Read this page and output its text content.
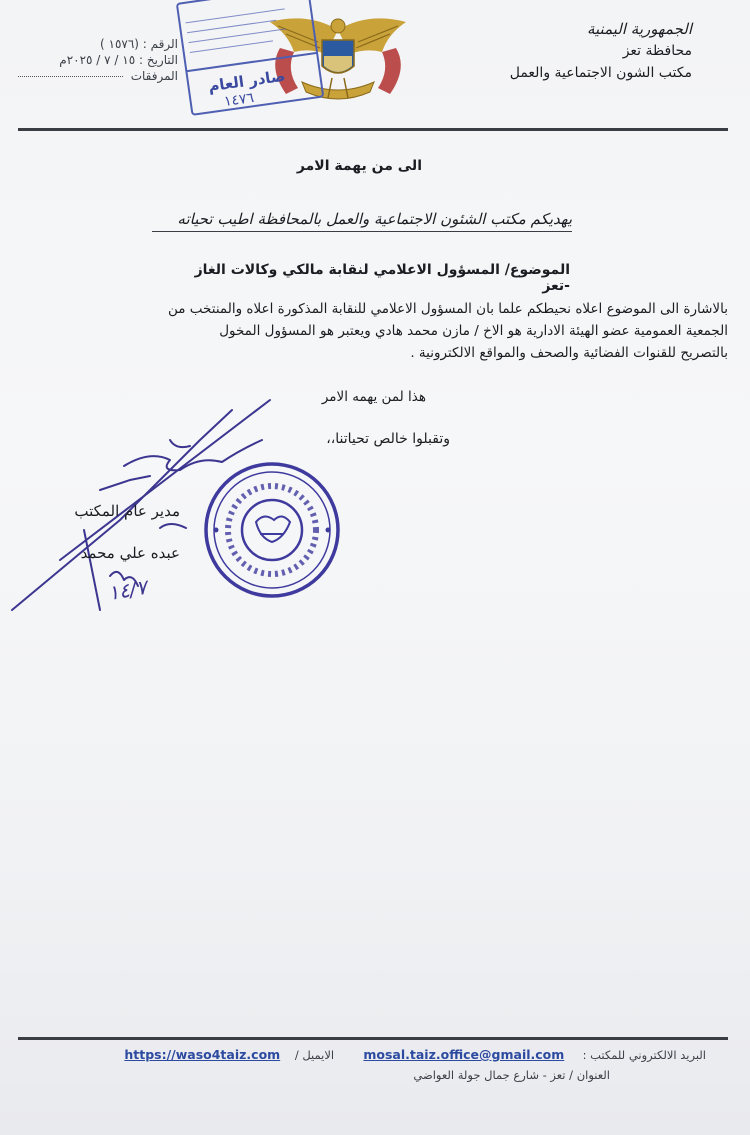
الجمهورية اليمنية
محافظة تعز
مكتب الشون الاجتماعية والعمل
صادر العام
١٤٧٦
الرقم : (١٥٧٦ )
التاريخ : ١٥ / ٧ / ٢٠٢٥م
المرفقات
الى من يهمة الامر
يهديكم مكتب الشئون الاجتماعية والعمل بالمحافظة اطيب تحياته
الموضوع/ المسؤول الاعلامي لنقابة مالكي وكالات الغاز -تعز
بالاشارة الى الموضوع اعلاه نحيطكم علما بان المسؤول الاعلامي للنقابة المذكورة اعلاه والمنتخب من
الجمعية العمومية عضو الهيئة الادارية هو الاخ / مازن محمد هادي ويعتبر هو المسؤول المخول
بالتصريح للقنوات الفضائية والصحف والمواقع الالكترونية .
هذا لمن يهمه الامر
وتقبلوا خالص تحياتنا،،
مدير عام المكتب
عبده علي محمد
١٤/٧
البريد الالكتروني للمكتب :     mosal.taiz.office@gmail.com        الايميل /    https://waso4taiz.com
العنوان / تعز - شارع جمال جولة العواضي
